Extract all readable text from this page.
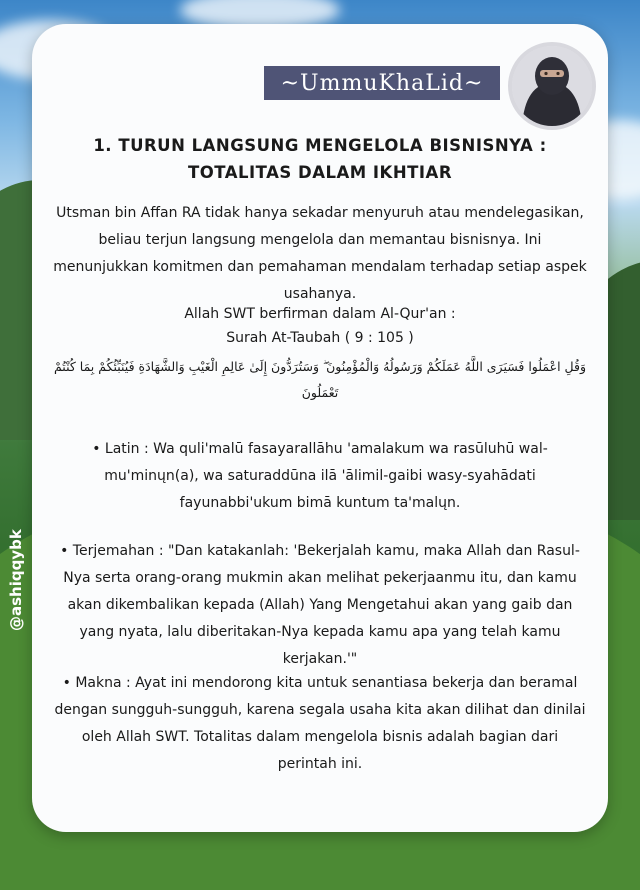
@ashiqqybk
~UmmuKhaLid~
1. TURUN LANGSUNG MENGELOLA BISNISNYA : TOTALITAS DALAM IKHTIAR
Utsman bin Affan RA tidak hanya sekadar menyuruh atau mendelegasikan, beliau terjun langsung mengelola dan memantau bisnisnya. Ini menunjukkan komitmen dan pemahaman mendalam terhadap setiap aspek usahanya.
Allah SWT berfirman dalam Al-Qur'an :
Surah At-Taubah ( 9 : 105 )
وَقُلِ اعْمَلُوا فَسَيَرَى اللَّهُ عَمَلَكُمْ وَرَسُولُهُ وَالْمُؤْمِنُونَ ۖ وَسَتُرَدُّونَ إِلَىٰ عَالِمِ الْغَيْبِ وَالشَّهَادَةِ فَيُنَبِّئُكُمْ بِمَا كُنْتُمْ تَعْمَلُونَ
• Latin : Wa quli'malū fasayarallāhu 'amalakum wa rasūluhū wal-mu'minųn(a), wa saturaddūna ilā 'ālimil-gaibi wasy-syahādati fayunabbi'ukum bimā kuntum ta'malųn.
• Terjemahan : "Dan katakanlah: 'Bekerjalah kamu, maka Allah dan Rasul-Nya serta orang-orang mukmin akan melihat pekerjaanmu itu, dan kamu akan dikembalikan kepada (Allah) Yang Mengetahui akan yang gaib dan yang nyata, lalu diberitakan-Nya kepada kamu apa yang telah kamu kerjakan.'"
• Makna : Ayat ini mendorong kita untuk senantiasa bekerja dan beramal dengan sungguh-sungguh, karena segala usaha kita akan dilihat dan dinilai oleh Allah SWT. Totalitas dalam mengelola bisnis adalah bagian dari perintah ini.
